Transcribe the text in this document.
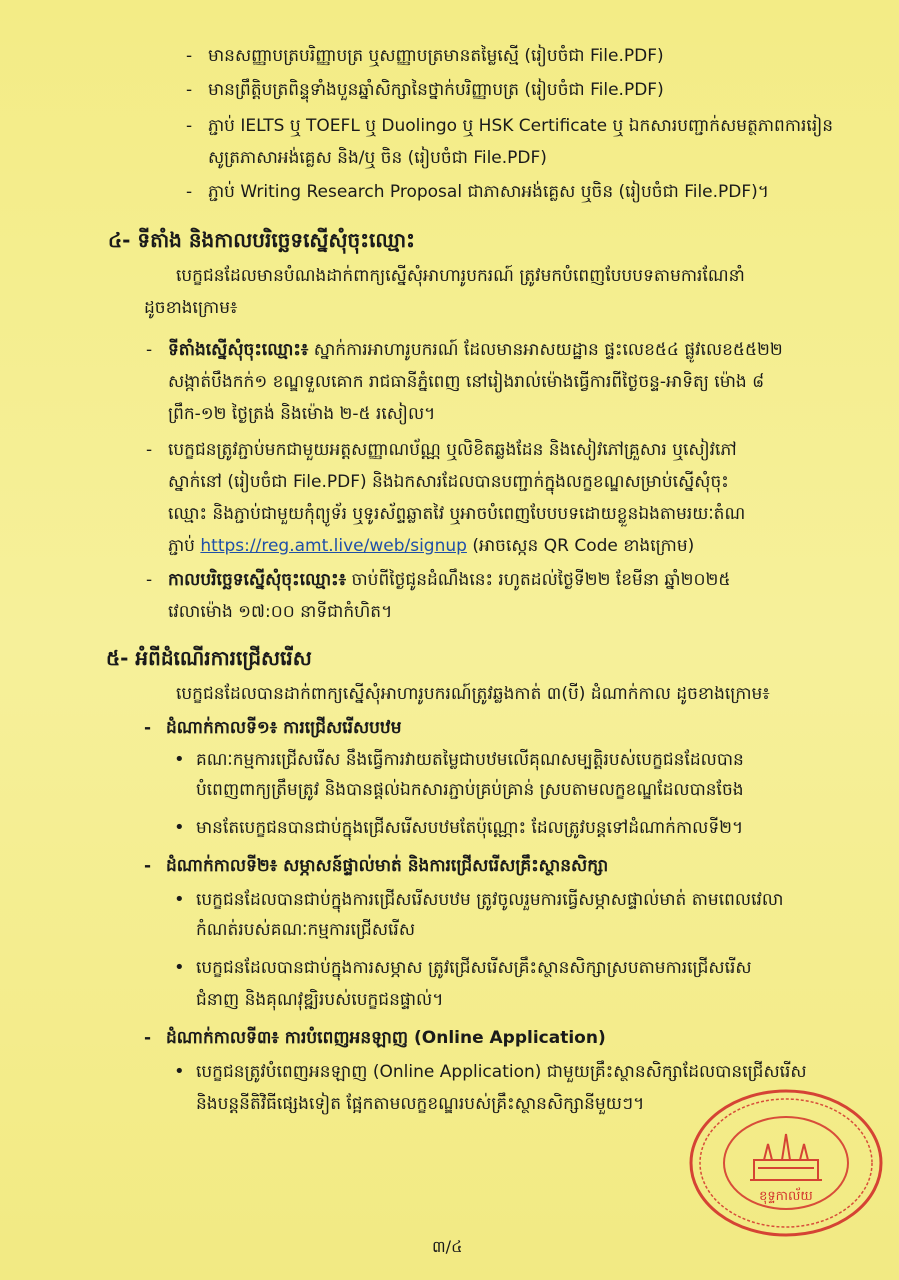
- មានសញ្ញាបត្របរិញ្ញាបត្រ ឬសញ្ញាបត្រមានតម្លៃស្មើ (រៀបចំជា File.PDF)
- មានព្រឹត្តិបត្រពិន្ទុទាំងបួនឆ្នាំសិក្សានៃថ្នាក់បរិញ្ញាបត្រ (រៀបចំជា File.PDF)
- ភ្ជាប់ IELTS ឬ TOEFL ឬ Duolingo ឬ HSK Certificate ឬ ឯកសារបញ្ជាក់សមត្ថភាពការរៀន
សូត្រភាសាអង់គ្លេស និង/ឬ ចិន (រៀបចំជា File.PDF)
- ភ្ជាប់ Writing Research Proposal ជាភាសាអង់គ្លេស ឬចិន (រៀបចំជា File.PDF)។
៤- ទីតាំង និងកាលបរិច្ឆេទស្នើសុំចុះឈ្មោះ
បេក្ខជនដែលមានបំណងដាក់ពាក្យស្នើសុំអាហារូបករណ៍ ត្រូវមកបំពេញបែបបទតាមការណែនាំ
ដូចខាងក្រោម៖
- ទីតាំងស្នើសុំចុះឈ្មោះ៖ ស្នាក់ការអាហារូបករណ៍ ដែលមានអាសយដ្ឋាន ផ្ទះលេខ៥៤ ផ្លូវលេខ៥៥២២
សង្កាត់បឹងកក់១ ខណ្ឌទួលគោក រាជធានីភ្នំពេញ នៅរៀងរាល់ម៉ោងធ្វើការពីថ្ងៃចន្ទ-អាទិត្យ ម៉ោង ៨
ព្រឹក-១២ ថ្ងៃត្រង់ និងម៉ោង ២-៥ រសៀល។
- បេក្ខជនត្រូវភ្ជាប់មកជាមួយអត្តសញ្ញាណប័ណ្ណ ឬលិខិតឆ្លងដែន និងសៀវភៅគ្រួសារ ឬសៀវភៅ
ស្នាក់នៅ (រៀបចំជា File.PDF) និងឯកសារដែលបានបញ្ជាក់ក្នុងលក្ខខណ្ឌសម្រាប់ស្នើសុំចុះ
ឈ្មោះ និងភ្ជាប់ជាមួយកុំព្យូទ័រ ឬទូរស័ព្ទឆ្លាតវៃ ឬអាចបំពេញបែបបទដោយខ្លួនឯងតាមរយៈតំណ
ភ្ជាប់ https://reg.amt.live/web/signup (អាចស្កេន QR Code ខាងក្រោម)
- កាលបរិច្ឆេទស្នើសុំចុះឈ្មោះ៖ ចាប់ពីថ្ងៃជូនដំណឹងនេះ រហូតដល់ថ្ងៃទី២២ ខែមីនា ឆ្នាំ២០២៥
វេលាម៉ោង ១៧:០០ នាទីជាកំហិត។
៥- អំពីដំណើរការជ្រើសរើស
បេក្ខជនដែលបានដាក់ពាក្យស្នើសុំអាហារូបករណ៍ត្រូវឆ្លងកាត់ ៣(បី) ដំណាក់កាល ដូចខាងក្រោម៖
- ដំណាក់កាលទី១៖ ការជ្រើសរើសបឋម
• គណៈកម្មការជ្រើសរើស នឹងធ្វើការវាយតម្លៃជាបឋមលើគុណសម្បត្តិរបស់បេក្ខជនដែលបាន
បំពេញពាក្យត្រឹមត្រូវ និងបានផ្តល់ឯកសារភ្ជាប់គ្រប់គ្រាន់ ស្របតាមលក្ខខណ្ឌដែលបានចែង
• មានតែបេក្ខជនបានជាប់ក្នុងជ្រើសរើសបឋមតែប៉ុណ្ណោះ ដែលត្រូវបន្តទៅដំណាក់កាលទី២។
- ដំណាក់កាលទី២៖ សម្ភាសន៍ផ្ទាល់មាត់ និងការជ្រើសរើសគ្រឹះស្ថានសិក្សា
• បេក្ខជនដែលបានជាប់ក្នុងការជ្រើសរើសបឋម ត្រូវចូលរួមការធ្វើសម្ភាសផ្ទាល់មាត់ តាមពេលវេលា
កំណត់របស់គណៈកម្មការជ្រើសរើស
• បេក្ខជនដែលបានជាប់ក្នុងការសម្ភាស ត្រូវជ្រើសរើសគ្រឹះស្ថានសិក្សាស្របតាមការជ្រើសរើស
ជំនាញ និងគុណវុឌ្ឍិរបស់បេក្ខជនផ្ទាល់។
- ដំណាក់កាលទី៣៖ ការបំពេញអនឡាញ (Online Application)
• បេក្ខជនត្រូវបំពេញអនឡាញ (Online Application) ជាមួយគ្រឹះស្ថានសិក្សាដែលបានជ្រើសរើស
និងបន្តនីតិវិធីផ្សេងទៀត ផ្អែកតាមលក្ខខណ្ឌរបស់គ្រឹះស្ថានសិក្សានីមួយៗ។
ខុទ្ទកាល័យ
៣/៤
